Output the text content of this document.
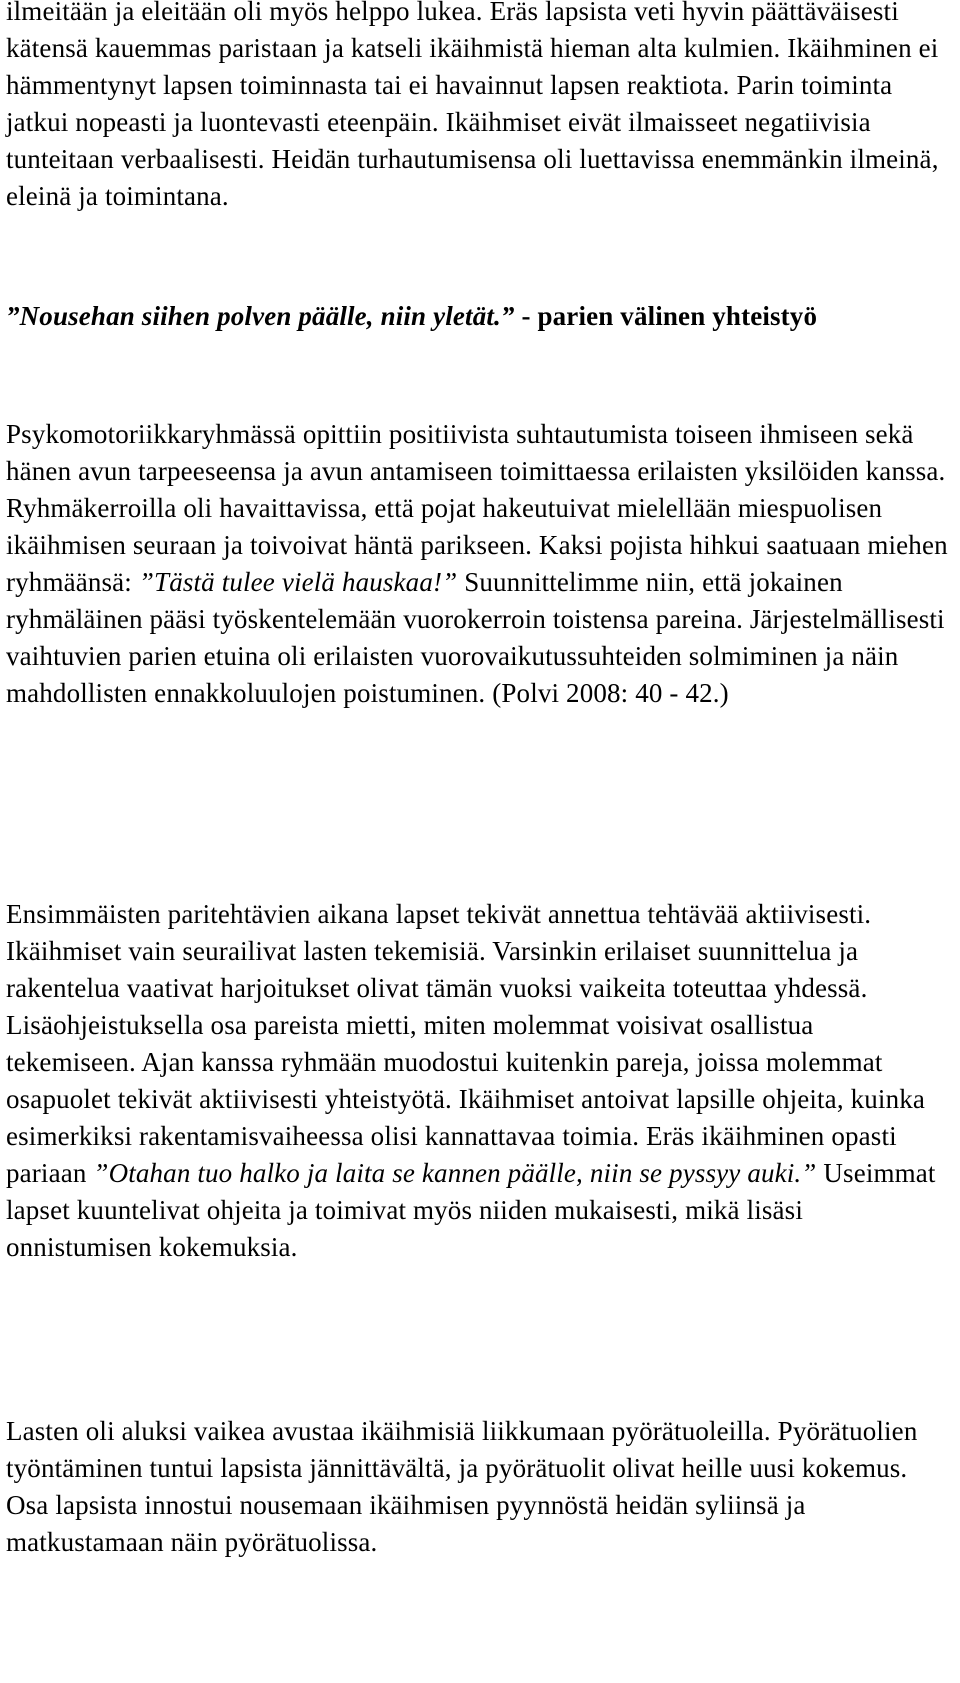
ilmeitään ja eleitään oli myös helppo lukea. Eräs lapsista veti hyvin päättäväisesti kätensä kauemmas paristaan ja katseli ikäihmistä hieman alta kulmien. Ikäihminen ei hämmentynyt lapsen toiminnasta tai ei havainnut lapsen reaktiota. Parin toiminta jatkui nopeasti ja luontevasti eteenpäin. Ikäihmiset eivät ilmaisseet negatiivisia tunteitaan verbaalisesti. Heidän turhautumisensa oli luettavissa enemmänkin ilmeinä, eleinä ja toimintana.

”Nousehan siihen polven päälle, niin yletät.” - parien välinen yhteistyö

Psykomotoriikkaryhmässä opittiin positiivista suhtautumista toiseen ihmiseen sekä hänen avun tarpeeseensa ja avun antamiseen toimittaessa erilaisten yksilöiden kanssa. Ryhmäkerroilla oli havaittavissa, että pojat hakeutuivat mielellään miespuolisen ikäihmisen seuraan ja toivoivat häntä parikseen. Kaksi pojista hihkui saatuaan miehen ryhmäänsä: ”Tästä tulee vielä hauskaa!” Suunnittelimme niin, että jokainen ryhmäläinen pääsi työskentelemään vuorokerroin toistensa pareina. Järjestelmällisesti vaihtuvien parien etuina oli erilaisten vuorovaikutussuhteiden solmiminen ja näin mahdollisten ennakkoluulojen poistuminen. (Polvi 2008: 40 - 42.)

Ensimmäisten paritehtävien aikana lapset tekivät annettua tehtävää aktiivisesti. Ikäihmiset vain seurailivat lasten tekemisiä. Varsinkin erilaiset suunnittelua ja rakentelua vaativat harjoitukset olivat tämän vuoksi vaikeita toteuttaa yhdessä. Lisäohjeistuksella osa pareista mietti, miten molemmat voisivat osallistua tekemiseen. Ajan kanssa ryhmään muodostui kuitenkin pareja, joissa molemmat osapuolet tekivät aktiivisesti yhteistyötä. Ikäihmiset antoivat lapsille ohjeita, kuinka esimerkiksi rakentamisvaiheessa olisi kannattavaa toimia. Eräs ikäihminen opasti pariaan ”Otahan tuo halko ja laita se kannen päälle, niin se pyssyy auki.” Useimmat lapset kuuntelivat ohjeita ja toimivat myös niiden mukaisesti, mikä lisäsi onnistumisen kokemuksia.

Lasten oli aluksi vaikea avustaa ikäihmisiä liikkumaan pyörätuoleilla. Pyörätuolien työntäminen tuntui lapsista jännittävältä, ja pyörätuolit olivat heille uusi kokemus. Osa lapsista innostui nousemaan ikäihmisen pyynnöstä heidän syliinsä ja matkustamaan näin pyörätuolissa.
